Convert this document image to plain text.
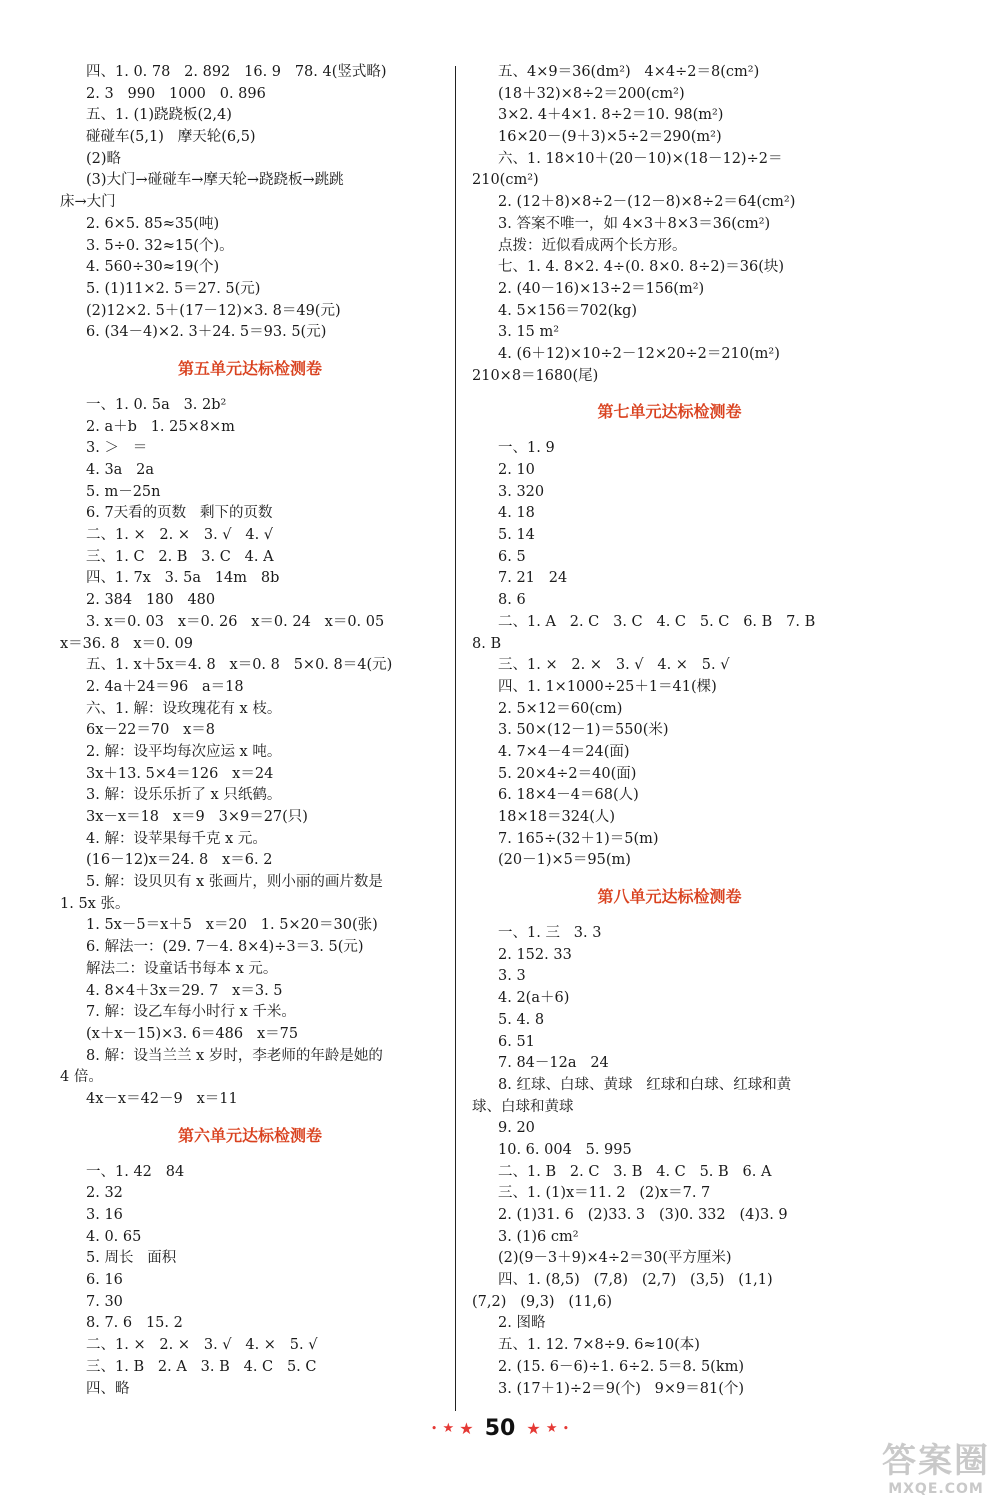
四、1. 0. 78   2. 892   16. 9   78. 4(竖式略)
2. 3   990   1000   0. 896
五、1. (1)跷跷板(2,4)
碰碰车(5,1)   摩天轮(6,5)
(2)略
(3)大门→碰碰车→摩天轮→跷跷板→跳跳
床→大门
2. 6×5. 85≈35(吨)
3. 5÷0. 32≈15(个)。
4. 560÷30≈19(个)
5. (1)11×2. 5＝27. 5(元)
(2)12×2. 5＋(17－12)×3. 8＝49(元)
6. (34－4)×2. 3＋24. 5＝93. 5(元)
第五单元达标检测卷
一、1. 0. 5a   3. 2b²
2. a＋b   1. 25×8×m
3. ＞   ＝
4. 3a   2a
5. m－25n
6. 7天看的页数   剩下的页数
二、1. ×   2. ×   3. √   4. √
三、1. C   2. B   3. C   4. A
四、1. 7x   3. 5a   14m   8b
2. 384   180   480
3. x＝0. 03   x＝0. 26   x＝0. 24   x＝0. 05
x＝36. 8   x＝0. 09
五、1. x＋5x＝4. 8   x＝0. 8   5×0. 8＝4(元)
2. 4a＋24＝96   a＝18
六、1. 解：设玫瑰花有 x 枝。
6x－22＝70   x＝8
2. 解：设平均每次应运 x 吨。
3x＋13. 5×4＝126   x＝24
3. 解：设乐乐折了 x 只纸鹤。
3x－x＝18   x＝9   3×9＝27(只)
4. 解：设苹果每千克 x 元。
(16－12)x＝24. 8   x＝6. 2
5. 解：设贝贝有 x 张画片，则小丽的画片数是
1. 5x 张。
1. 5x－5＝x＋5   x＝20   1. 5×20＝30(张)
6. 解法一：(29. 7－4. 8×4)÷3＝3. 5(元)
解法二：设童话书每本 x 元。
4. 8×4＋3x＝29. 7   x＝3. 5
7. 解：设乙车每小时行 x 千米。
(x＋x－15)×3. 6＝486   x＝75
8. 解：设当兰兰 x 岁时，李老师的年龄是她的
4 倍。
4x－x＝42－9   x＝11
第六单元达标检测卷
一、1. 42   84
2. 32
3. 16
4. 0. 65
5. 周长   面积
6. 16
7. 30
8. 7. 6   15. 2
二、1. ×   2. ×   3. √   4. ×   5. √
三、1. B   2. A   3. B   4. C   5. C
四、略
五、4×9＝36(dm²)   4×4÷2＝8(cm²)
(18＋32)×8÷2＝200(cm²)
3×2. 4＋4×1. 8÷2＝10. 98(m²)
16×20－(9＋3)×5÷2＝290(m²)
六、1. 18×10＋(20－10)×(18－12)÷2＝
210(cm²)
2. (12＋8)×8÷2－(12－8)×8÷2＝64(cm²)
3. 答案不唯一，如 4×3＋8×3＝36(cm²)
点拨：近似看成两个长方形。
七、1. 4. 8×2. 4÷(0. 8×0. 8÷2)＝36(块)
2. (40－16)×13÷2＝156(m²)
4. 5×156＝702(kg)
3. 15 m²
4. (6＋12)×10÷2－12×20÷2＝210(m²)
210×8＝1680(尾)
第七单元达标检测卷
一、1. 9
2. 10
3. 320
4. 18
5. 14
6. 5
7. 21   24
8. 6
二、1. A   2. C   3. C   4. C   5. C   6. B   7. B
8. B
三、1. ×   2. ×   3. √   4. ×   5. √
四、1. 1×1000÷25＋1＝41(棵)
2. 5×12＝60(cm)
3. 50×(12－1)＝550(米)
4. 7×4－4＝24(面)
5. 20×4÷2＝40(面)
6. 18×4－4＝68(人)
18×18＝324(人)
7. 165÷(32＋1)＝5(m)
(20－1)×5＝95(m)
第八单元达标检测卷
一、1. 三   3. 3
2. 152. 33
3. 3
4. 2(a＋6)
5. 4. 8
6. 51
7. 84－12a   24
8. 红球、白球、黄球   红球和白球、红球和黄
球、白球和黄球
9. 20
10. 6. 004   5. 995
二、1. B   2. C   3. B   4. C   5. B   6. A
三、1. (1)x＝11. 2   (2)x＝7. 7
2. (1)31. 6   (2)33. 3   (3)0. 332   (4)3. 9
3. (1)6 cm²
(2)(9－3＋9)×4÷2＝30(平方厘米)
四、1. (8,5)   (7,8)   (2,7)   (3,5)   (1,1)
(7,2)   (9,3)   (11,6)
2. 图略
五、1. 12. 7×8÷9. 6≈10(本)
2. (15. 6－6)÷1. 6÷2. 5＝8. 5(km)
3. (17＋1)÷2＝9(个)   9×9＝81(个)
• ★ ★ 50 ★ ★ •
答案圈
MXQE.COM
